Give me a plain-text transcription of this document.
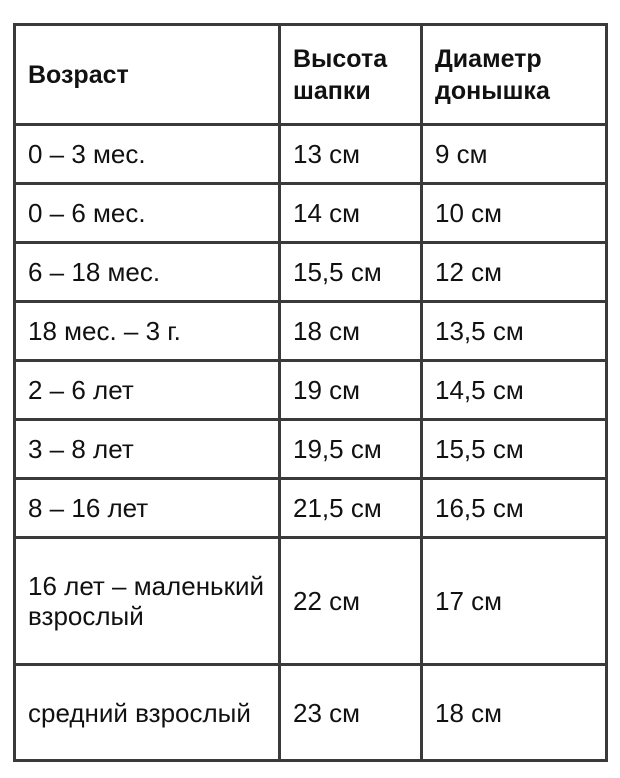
Возраст	Высота шапки	Диаметр донышка
0 – 3 мес.	13 см	9 см
0 – 6 мес.	14 см	10 см
6 – 18 мес.	15,5 см	12 см
18 мес. – 3 г.	18 см	13,5 см
2 – 6 лет	19 см	14,5 см
3 – 8 лет	19,5 см	15,5 см
8 – 16 лет	21,5 см	16,5 см
16 лет – маленький взрослый	22 см	17 см
средний взрослый	23 см	18 см
